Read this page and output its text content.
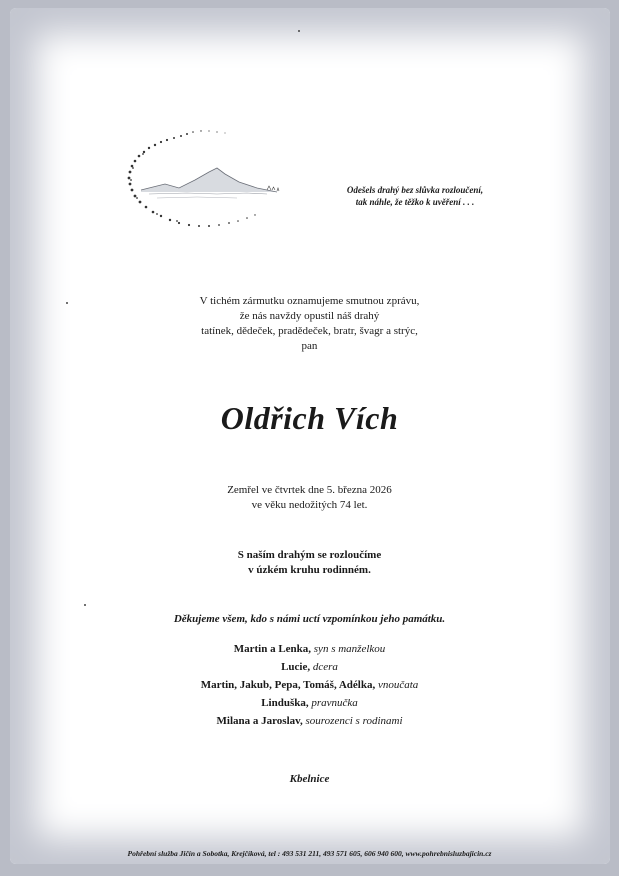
Odešels drahý bez slůvka rozloučení,
tak náhle, že těžko k uvěření . . .
V tichém zármutku oznamujeme smutnou zprávu,
že nás navždy opustil náš drahý
tatínek, dědeček, pradědeček, bratr, švagr a strýc,
pan
Oldřich Vích
Zemřel ve čtvrtek dne 5. března 2026
ve věku nedožitých 74 let.
S naším drahým se rozloučíme
v úzkém kruhu rodinném.
Děkujeme všem, kdo s námi uctí vzpomínkou jeho památku.
Martin a Lenka, syn s manželkou
Lucie, dcera
Martin, Jakub, Pepa, Tomáš, Adélka, vnoučata
Linduška, pravnučka
Milana a Jaroslav, sourozenci s rodinami
Kbelnice
Pohřební služba Jičín a Sobotka, Krejčíková, tel : 493 531 211, 493 571 605, 606 940 600, www.pohrebnisluzbajicin.cz
